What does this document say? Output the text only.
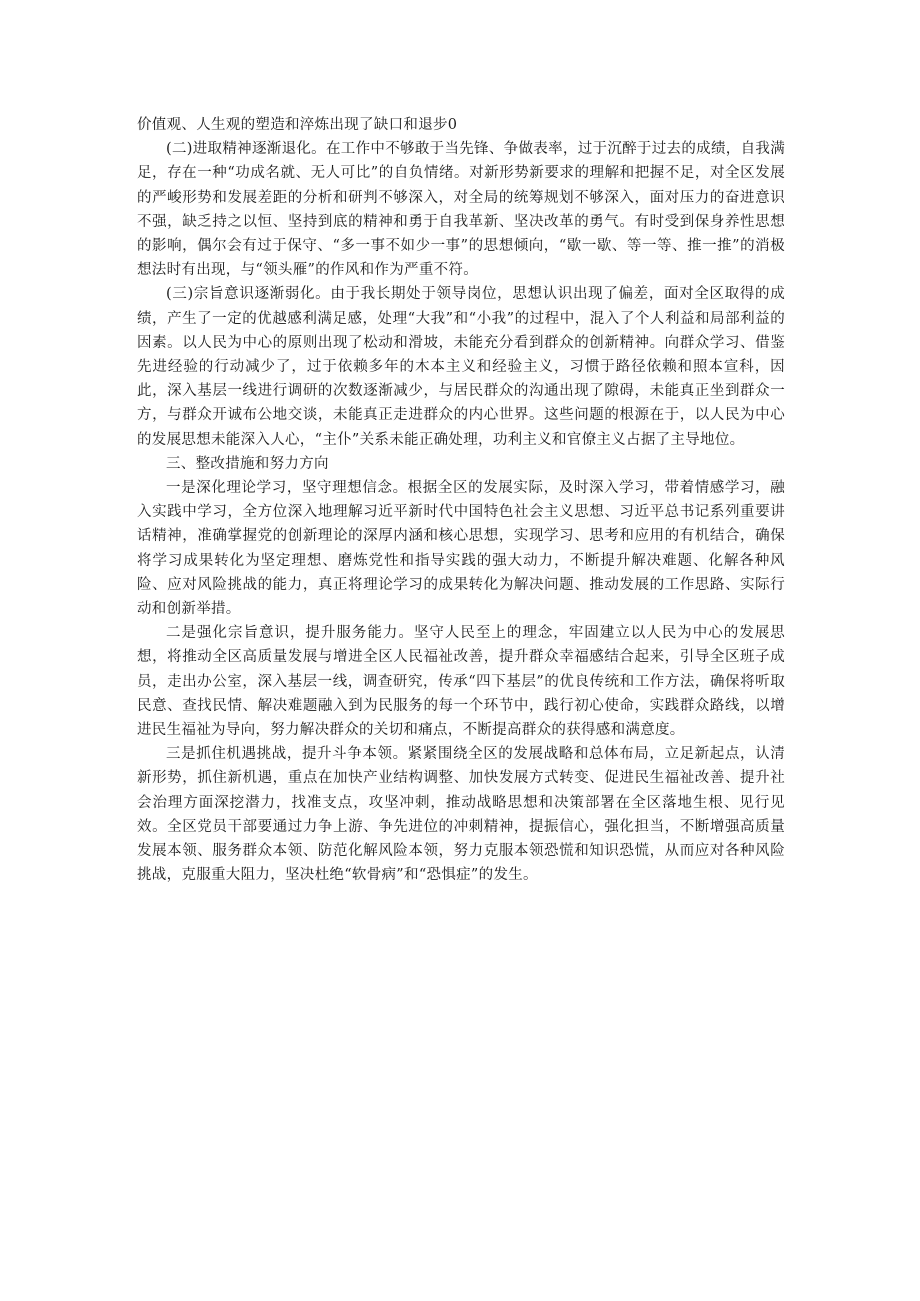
价值观、人生观的塑造和淬炼出现了缺口和退步0

(二)进取精神逐渐退化。在工作中不够敢于当先锋、争做表率，过于沉醉于过去的成绩，自我满足，存在一种“功成名就、无人可比”的自负情绪。对新形势新要求的理解和把握不足，对全区发展的严峻形势和发展差距的分析和研判不够深入，对全局的统筹规划不够深入，面对压力的奋进意识不强，缺乏持之以恒、坚持到底的精神和勇于自我革新、坚决改革的勇气。有时受到保身养性思想的影响，偶尔会有过于保守、“多一事不如少一事”的思想倾向，“歇一歇、等一等、推一推”的消极想法时有出现，与“领头雁”的作风和作为严重不符。

(三)宗旨意识逐渐弱化。由于我长期处于领导岗位，思想认识出现了偏差，面对全区取得的成绩，产生了一定的优越感利满足感，处理“大我”和“小我”的过程中，混入了个人利益和局部利益的因素。以人民为中心的原则出现了松动和滑坡，未能充分看到群众的创新精神。向群众学习、借鉴先进经验的行动减少了，过于依赖多年的木本主义和经验主义，习惯于路径依赖和照本宣科，因此，深入基层一线进行调研的次数逐渐减少，与居民群众的沟通出现了隙碍，未能真正坐到群众一方，与群众开诚布公地交谈，未能真正走进群众的内心世界。这些问题的根源在于，以人民为中心的发展思想未能深入人心，“主仆”关系未能正确处理，功利主义和官僚主义占据了主导地位。

三、整改措施和努力方向

一是深化理论学习，坚守理想信念。根据全区的发展实际，及时深入学习，带着情感学习，融入实践中学习，全方位深入地理解习近平新时代中国特色社会主义思想、习近平总书记系列重要讲话精神，准确掌握党的创新理论的深厚内涵和核心思想，实现学习、思考和应用的有机结合，确保将学习成果转化为坚定理想、磨炼党性和指导实践的强大动力，不断提升解决难题、化解各种风险、应对风险挑战的能力，真正将理论学习的成果转化为解决问题、推动发展的工作思路、实际行动和创新举措。

二是强化宗旨意识，提升服务能力。坚守人民至上的理念，牢固建立以人民为中心的发展思想，将推动全区高质量发展与增进全区人民福祉改善，提升群众幸福感结合起来，引导全区班子成员，走出办公室，深入基层一线，调查研究，传承“四下基层”的优良传统和工作方法，确保将听取民意、查找民情、解决难题融入到为民服务的每一个环节中，践行初心使命，实践群众路线，以增进民生福祉为导向，努力解决群众的关切和痛点，不断提高群众的获得感和满意度。

三是抓住机遇挑战，提升斗争本领。紧紧围绕全区的发展战略和总体布局，立足新起点，认清新形势，抓住新机遇，重点在加快产业结构调整、加快发展方式转变、促进民生福祉改善、提升社会治理方面深挖潜力，找准支点，攻坚冲刺，推动战略思想和决策部署在全区落地生根、见行见效。全区党员干部要通过力争上游、争先进位的冲刺精神，提振信心，强化担当，不断增强高质量发展本领、服务群众本领、防范化解风险本领，努力克服本领恐慌和知识恐慌，从而应对各种风险挑战，克服重大阻力，坚决杜绝“软骨病”和“恐惧症”的发生。
